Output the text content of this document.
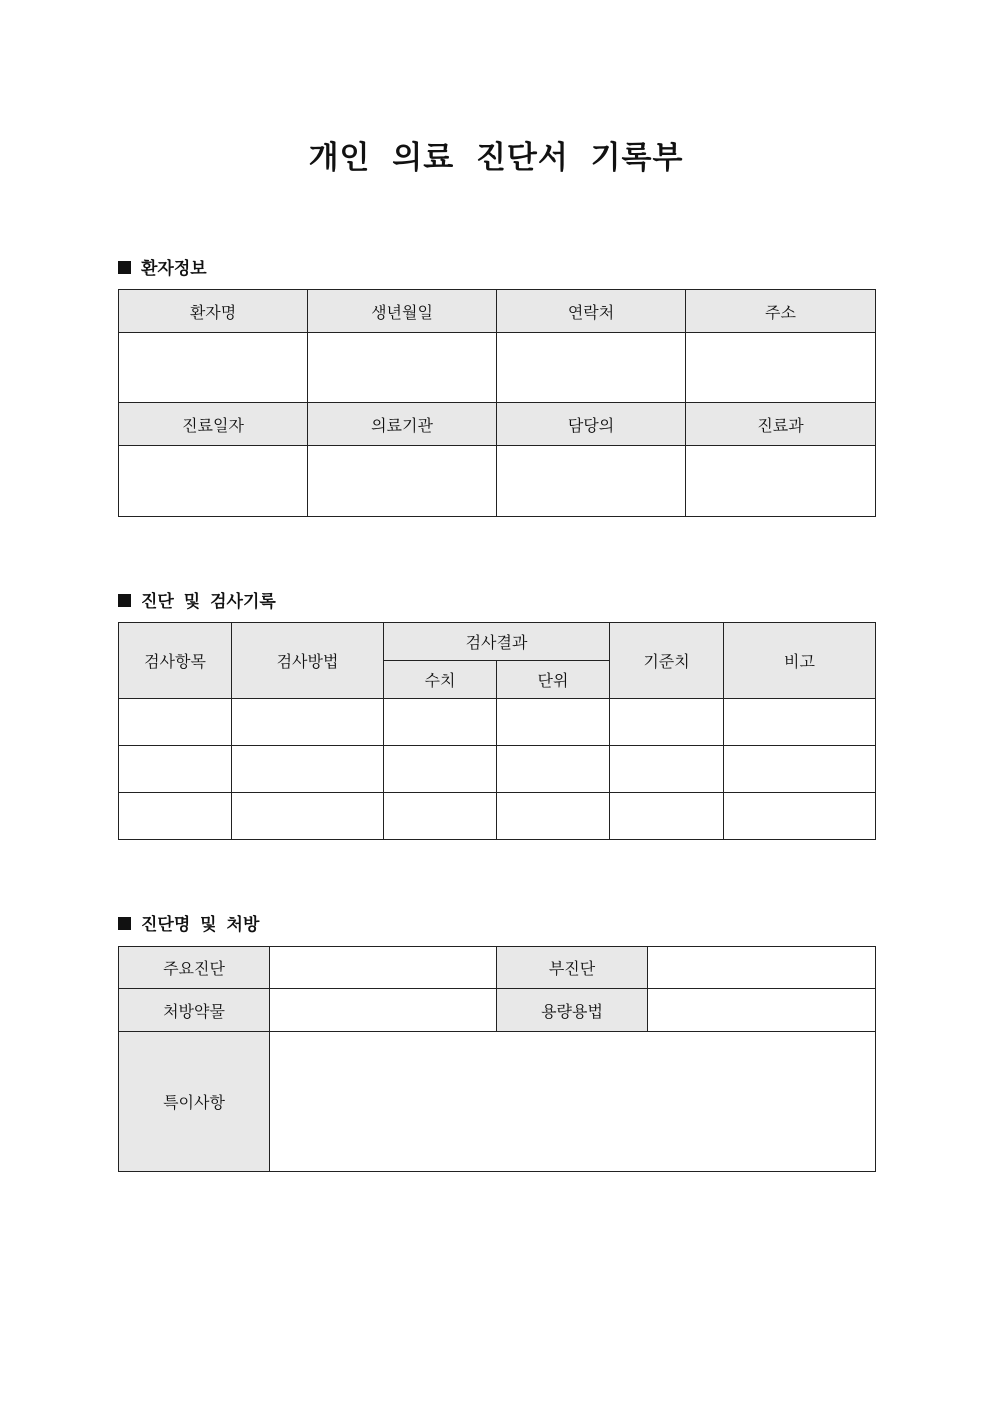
개인 의료 진단서 기록부
환자정보
환자명	생년월일	연락처	주소

진료일자	의료기관	담당의	진료과

진단 및 검사기록
검사항목	검사방법	검사결과		기준치	비고
		수치	단위		

진단명 및 처방
주요진단		부진단	
처방약물		용량용법	
특이사항			
